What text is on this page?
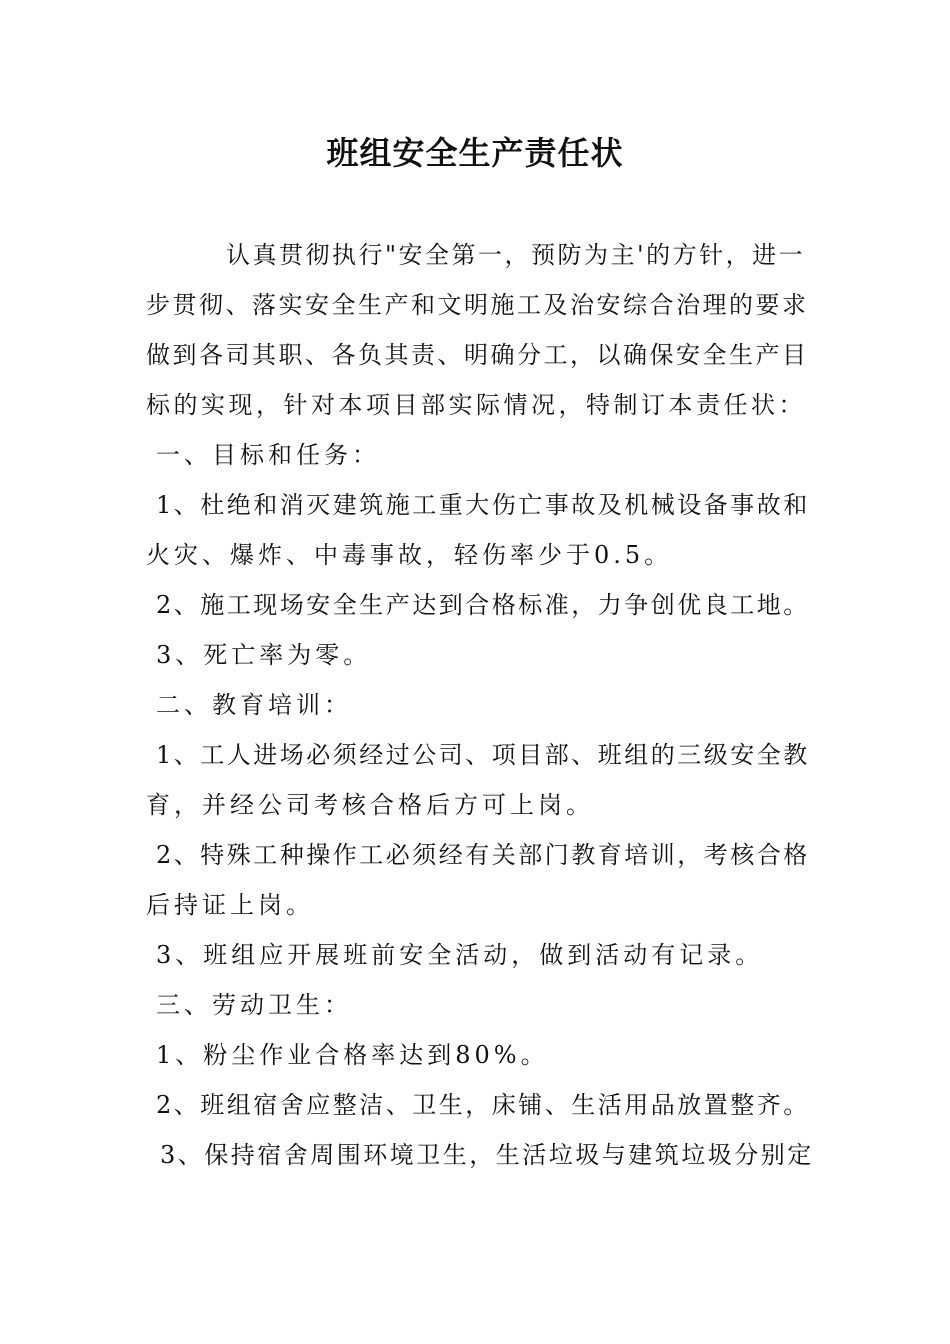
班组安全生产责任状
认真贯彻执行"安全第一，预防为主'的方针，进一
步贯彻、落实安全生产和文明施工及治安综合治理的要求
做到各司其职、各负其责、明确分工，以确保安全生产目
标的实现，针对本项目部实际情况，特制订本责任状：
一、目标和任务：
1、杜绝和消灭建筑施工重大伤亡事故及机械设备事故和
火灾、爆炸、中毒事故，轻伤率少于0.5。
2、施工现场安全生产达到合格标准，力争创优良工地。
3、死亡率为零。
二、教育培训：
1、工人进场必须经过公司、项目部、班组的三级安全教
育，并经公司考核合格后方可上岗。
2、特殊工种操作工必须经有关部门教育培训，考核合格
后持证上岗。
3、班组应开展班前安全活动，做到活动有记录。
三、劳动卫生：
1、粉尘作业合格率达到80%。
2、班组宿舍应整洁、卫生，床铺、生活用品放置整齐。
3、保持宿舍周围环境卫生，生活垃圾与建筑垃圾分别定
